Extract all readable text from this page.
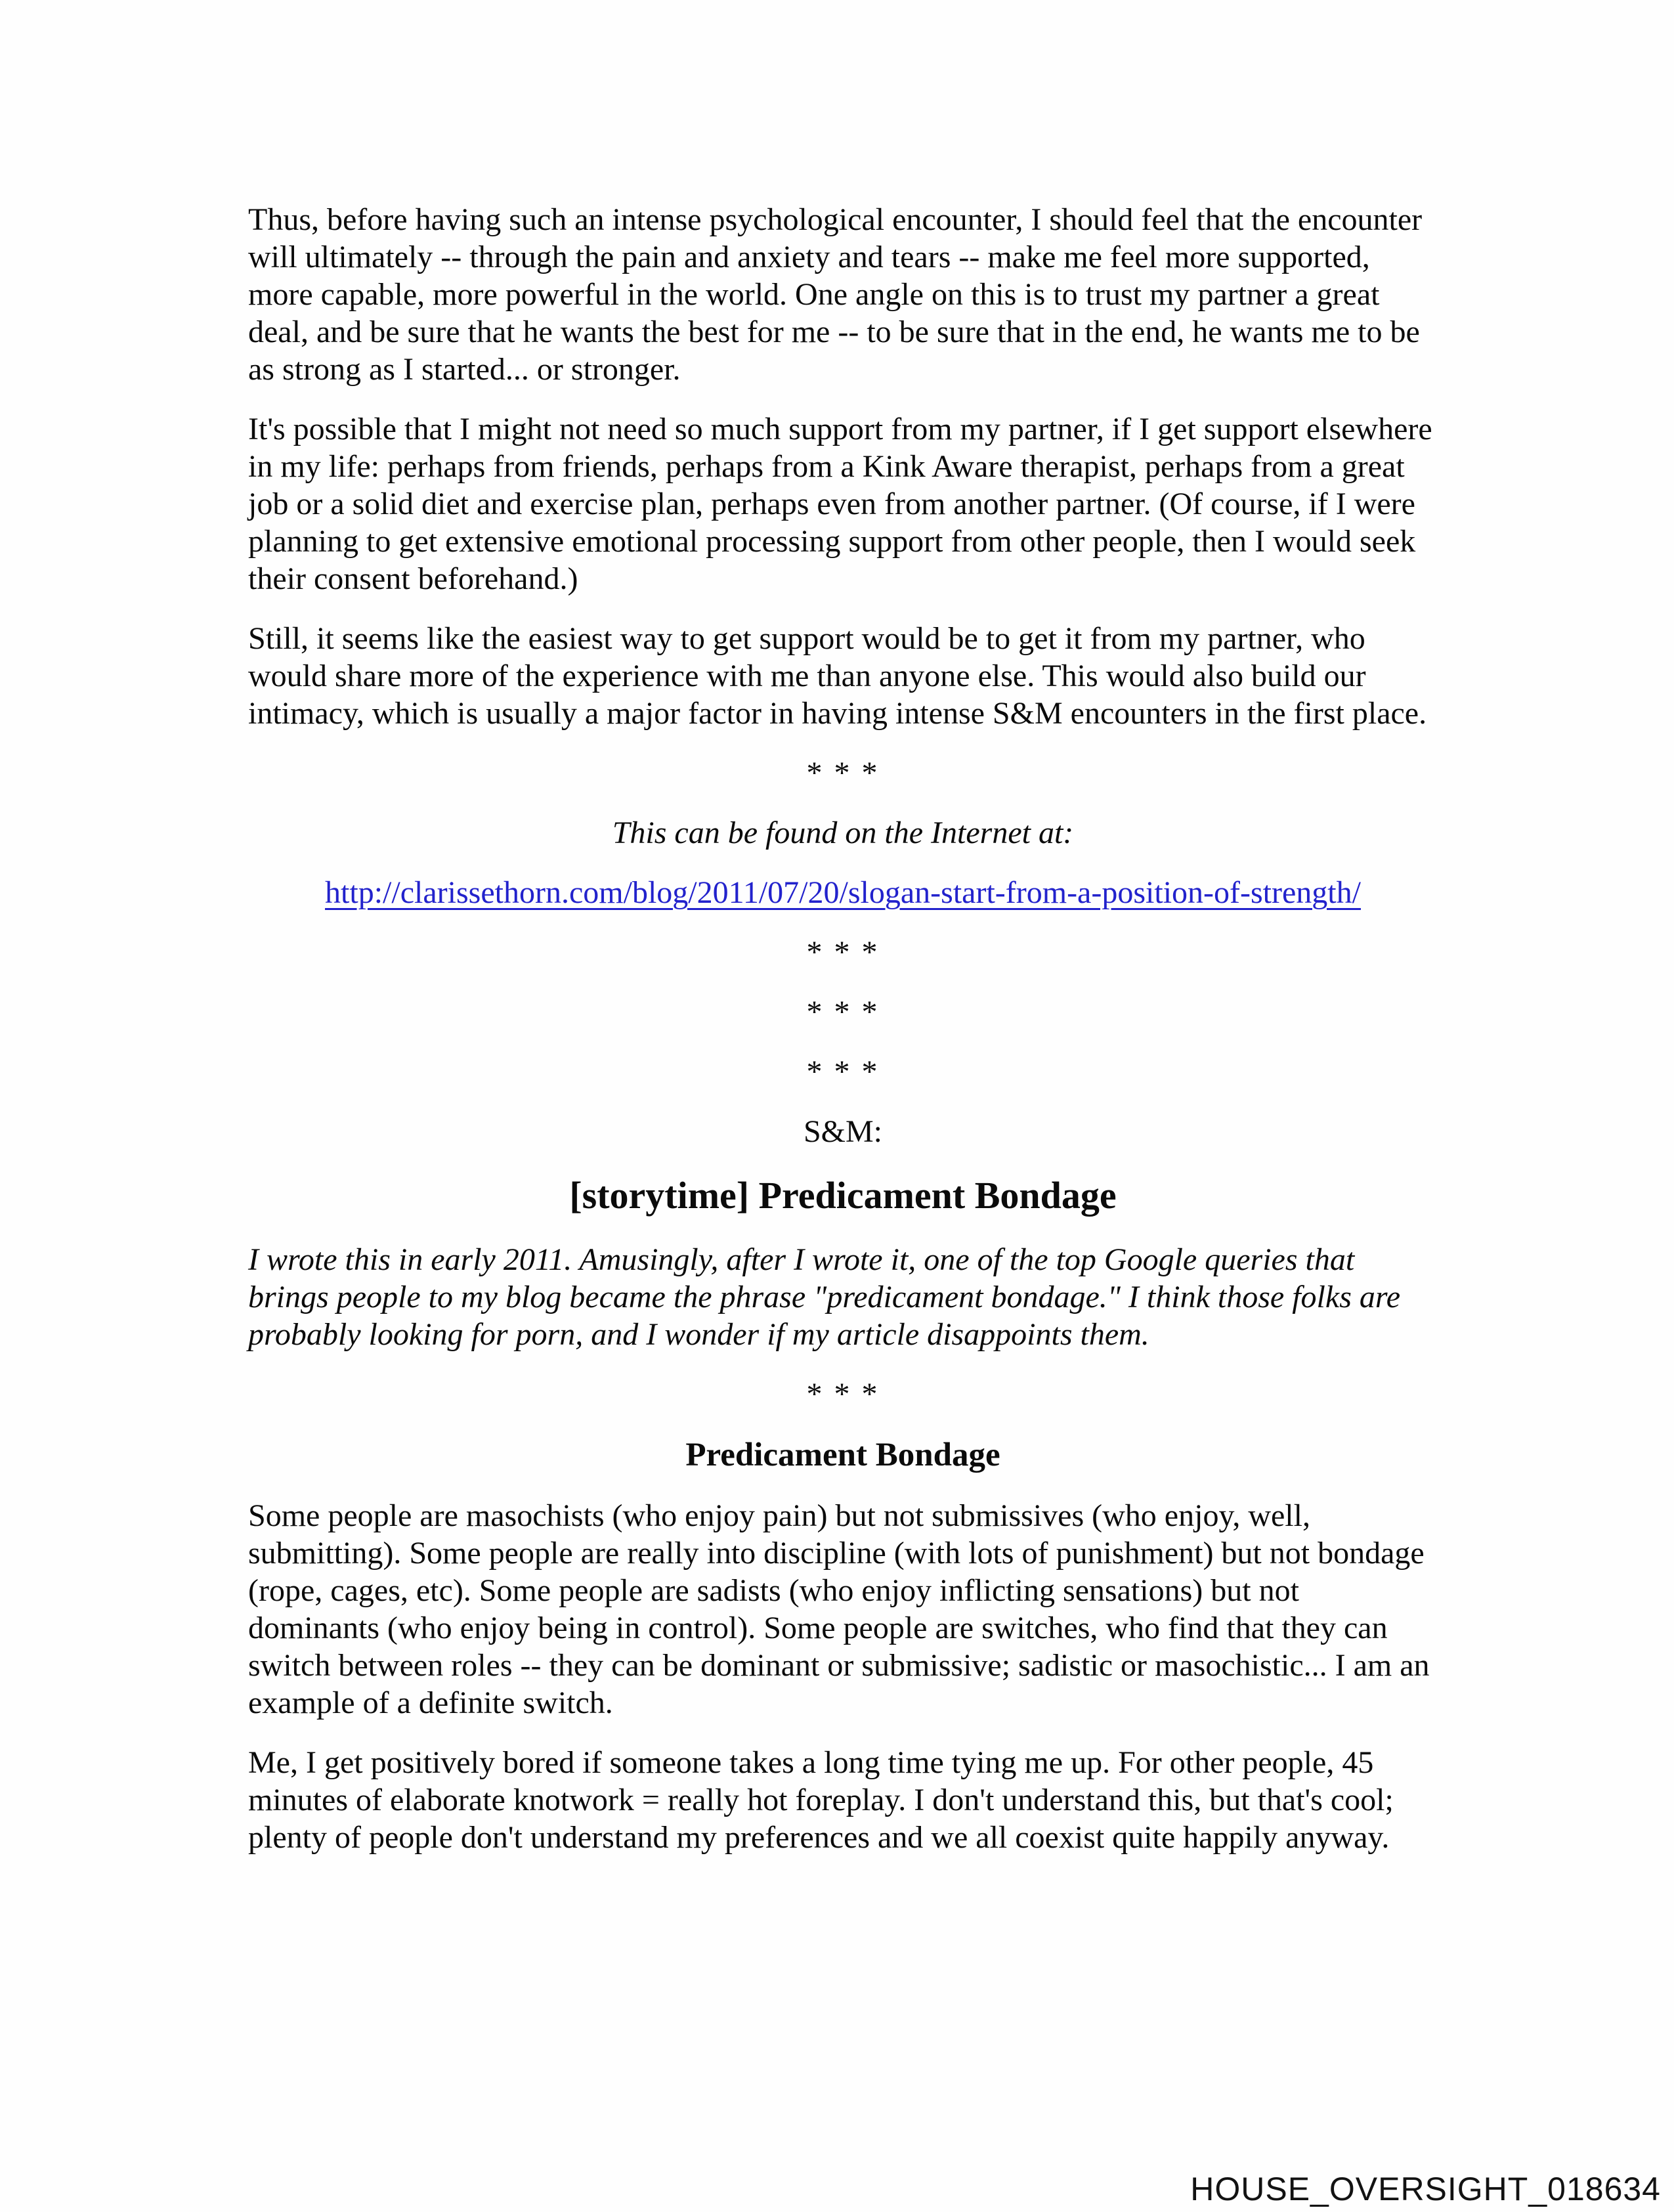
Thus, before having such an intense psychological encounter, I should feel that the encounter will ultimately -- through the pain and anxiety and tears -- make me feel more supported, more capable, more powerful in the world. One angle on this is to trust my partner a great deal, and be sure that he wants the best for me -- to be sure that in the end, he wants me to be as strong as I started... or stronger.

It's possible that I might not need so much support from my partner, if I get support elsewhere in my life: perhaps from friends, perhaps from a Kink Aware therapist, perhaps from a great job or a solid diet and exercise plan, perhaps even from another partner. (Of course, if I were planning to get extensive emotional processing support from other people, then I would seek their consent beforehand.)

Still, it seems like the easiest way to get support would be to get it from my partner, who would share more of the experience with me than anyone else. This would also build our intimacy, which is usually a major factor in having intense S&M encounters in the first place.

* * *

This can be found on the Internet at:

http://clarissethorn.com/blog/2011/07/20/slogan-start-from-a-position-of-strength/

* * *

* * *

* * *

S&M:

[storytime] Predicament Bondage

I wrote this in early 2011. Amusingly, after I wrote it, one of the top Google queries that brings people to my blog became the phrase "predicament bondage." I think those folks are probably looking for porn, and I wonder if my article disappoints them.

* * *

Predicament Bondage

Some people are masochists (who enjoy pain) but not submissives (who enjoy, well, submitting). Some people are really into discipline (with lots of punishment) but not bondage (rope, cages, etc). Some people are sadists (who enjoy inflicting sensations) but not dominants (who enjoy being in control). Some people are switches, who find that they can switch between roles -- they can be dominant or submissive; sadistic or masochistic... I am an example of a definite switch.

Me, I get positively bored if someone takes a long time tying me up. For other people, 45 minutes of elaborate knotwork = really hot foreplay. I don't understand this, but that's cool; plenty of people don't understand my preferences and we all coexist quite happily anyway.

HOUSE_OVERSIGHT_018634
